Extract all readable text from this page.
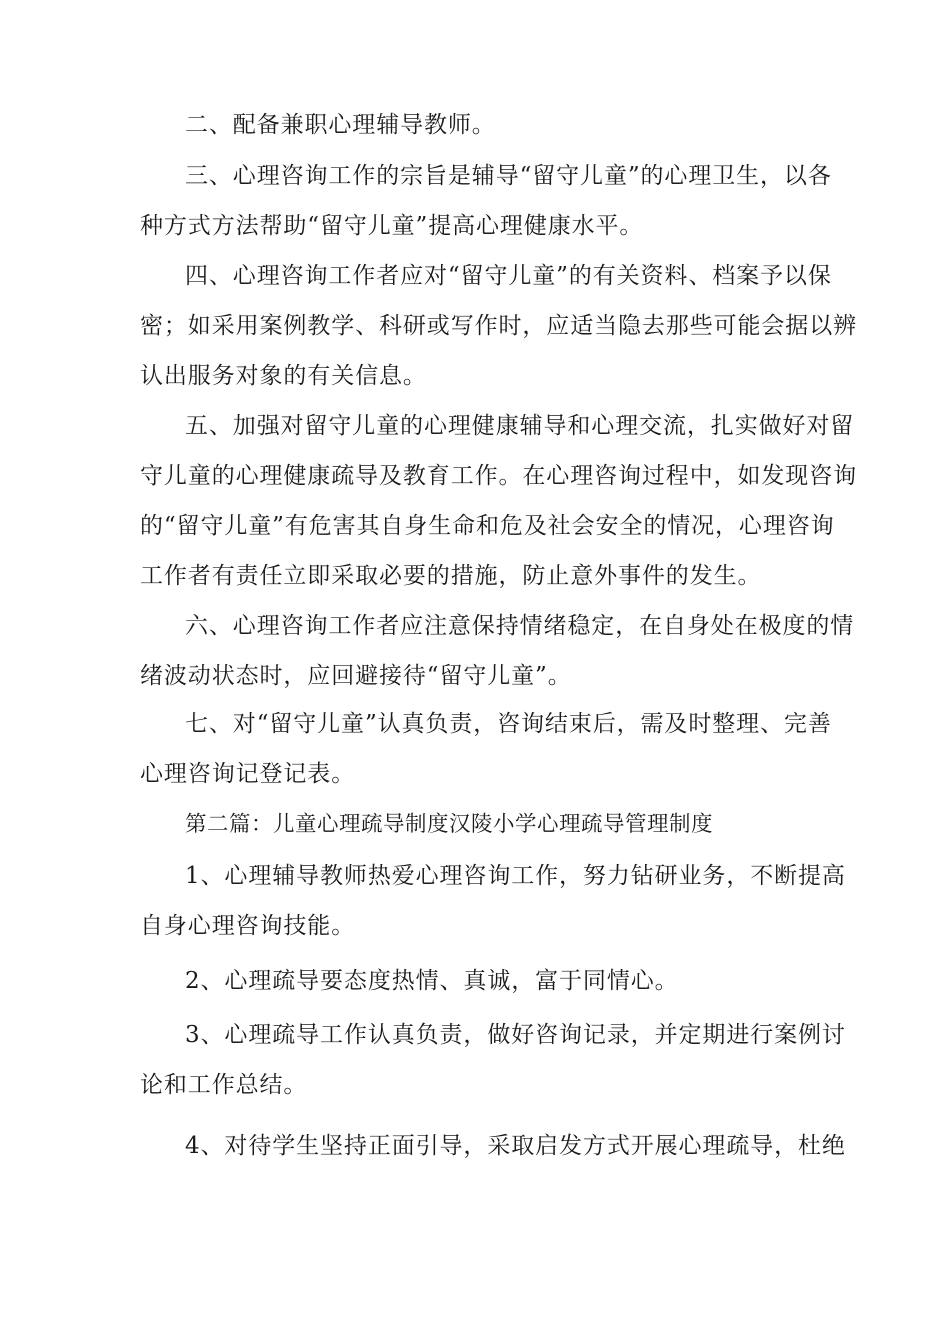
二、配备兼职心理辅导教师。

三、心理咨询工作的宗旨是辅导“留守儿童”的心理卫生，以各

种方式方法帮助“留守儿童”提高心理健康水平。

四、心理咨询工作者应对“留守儿童”的有关资料、档案予以保

密；如采用案例教学、科研或写作时，应适当隐去那些可能会据以辨

认出服务对象的有关信息。

五、加强对留守儿童的心理健康辅导和心理交流，扎实做好对留

守儿童的心理健康疏导及教育工作。在心理咨询过程中，如发现咨询

的“留守儿童”有危害其自身生命和危及社会安全的情况，心理咨询

工作者有责任立即采取必要的措施，防止意外事件的发生。

六、心理咨询工作者应注意保持情绪稳定，在自身处在极度的情

绪波动状态时，应回避接待“留守儿童”。

七、对“留守儿童”认真负责，咨询结束后，需及时整理、完善

心理咨询记登记表。

第二篇：儿童心理疏导制度汉陵小学心理疏导管理制度

1、心理辅导教师热爱心理咨询工作，努力钻研业务，不断提高

自身心理咨询技能。

2、心理疏导要态度热情、真诚，富于同情心。

3、心理疏导工作认真负责，做好咨询记录，并定期进行案例讨

论和工作总结。

4、对待学生坚持正面引导，采取启发方式开展心理疏导，杜绝
